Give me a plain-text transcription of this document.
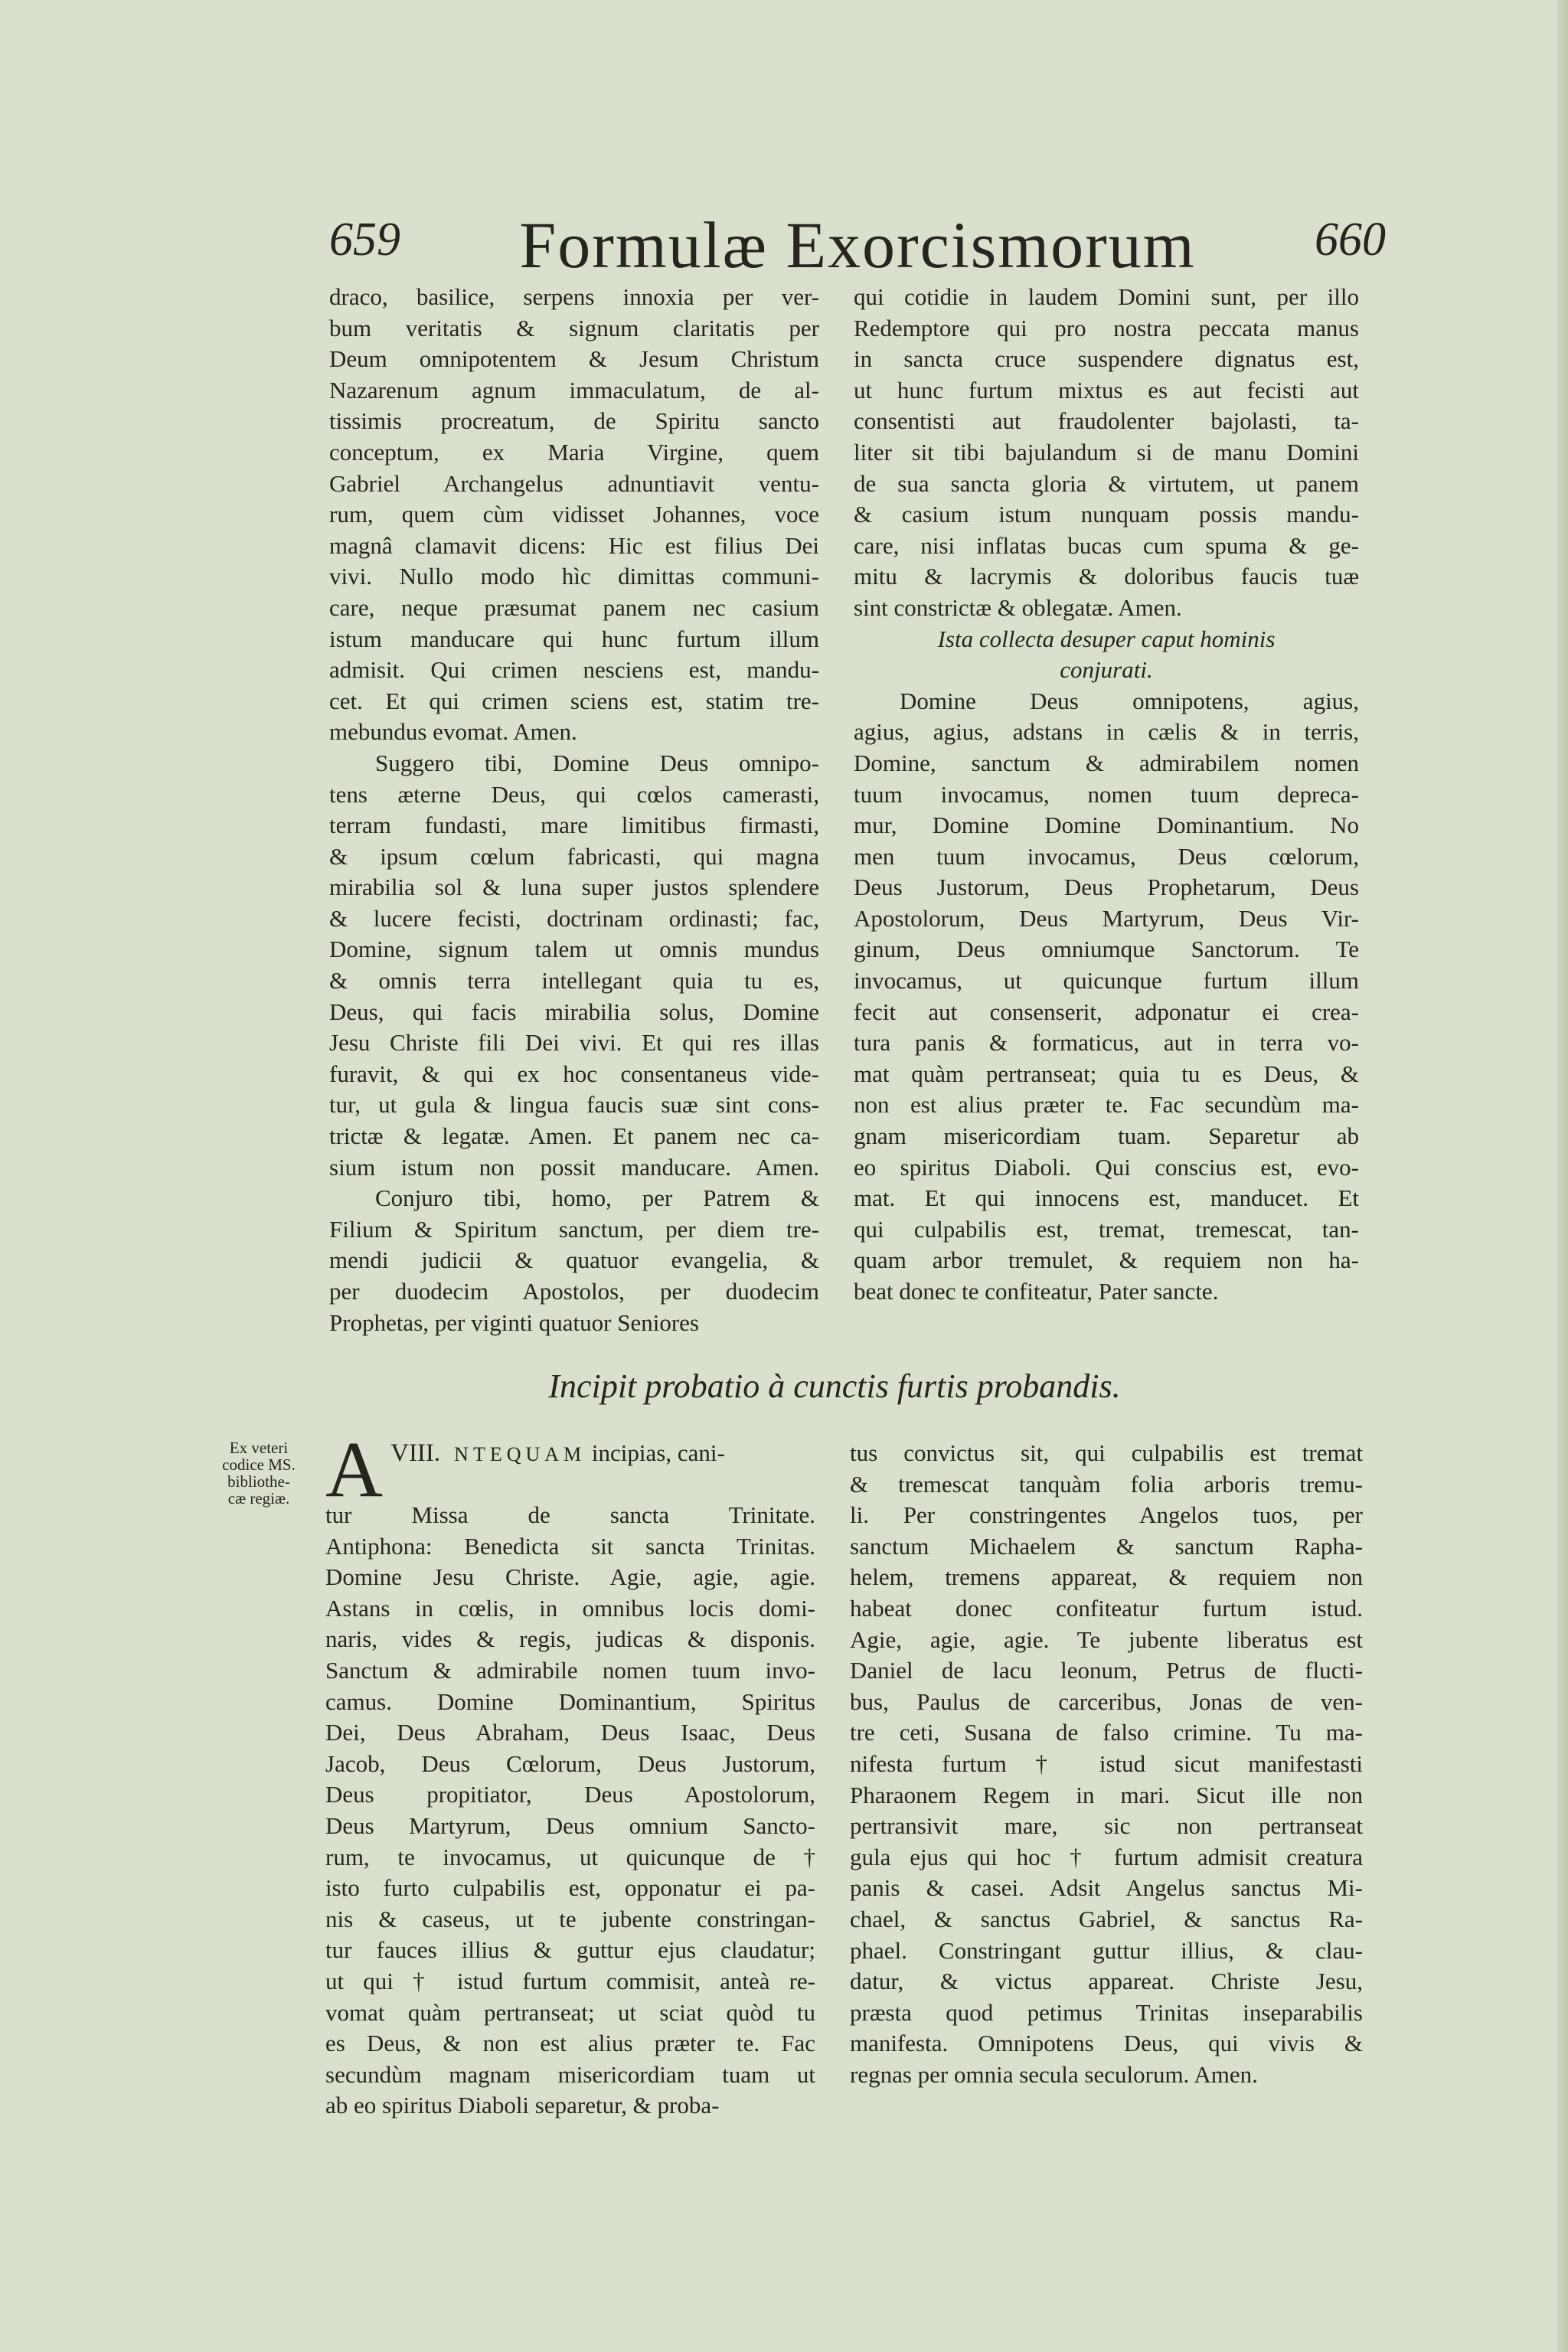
659	Formulæ Exorcismorum	660
draco, basilice, serpens innoxia per ver-
bum veritatis & signum claritatis per
Deum omnipotentem & Jesum Christum
Nazarenum agnum immaculatum, de al-
tissimis procreatum, de Spiritu sancto
conceptum, ex Maria Virgine, quem
Gabriel Archangelus adnuntiavit ventu-
rum, quem cùm vidisset Johannes, voce
magnâ clamavit dicens: Hic est filius Dei
vivi. Nullo modo hìc dimittas communi-
care, neque præsumat panem nec casium
istum manducare qui hunc furtum illum
admisit. Qui crimen nesciens est, mandu-
cet. Et qui crimen sciens est, statim tre-
mebundus evomat. Amen.
Suggero tibi, Domine Deus omnipo-
tens æterne Deus, qui cœlos camerasti,
terram fundasti, mare limitibus firmasti,
& ipsum cœlum fabricasti, qui magna
mirabilia sol & luna super justos splendere
& lucere fecisti, doctrinam ordinasti; fac,
Domine, signum talem ut omnis mundus
& omnis terra intellegant quia tu es,
Deus, qui facis mirabilia solus, Domine
Jesu Christe fili Dei vivi. Et qui res illas
furavit, & qui ex hoc consentaneus vide-
tur, ut gula & lingua faucis suæ sint cons-
trictæ & legatæ. Amen. Et panem nec ca-
sium istum non possit manducare. Amen.
Conjuro tibi, homo, per Patrem &
Filium & Spiritum sanctum, per diem tre-
mendi judicii & quatuor evangelia, &
per duodecim Apostolos, per duodecim
Prophetas, per viginti quatuor Seniores
qui cotidie in laudem Domini sunt, per illo
Redemptore qui pro nostra peccata manus
in sancta cruce suspendere dignatus est,
ut hunc furtum mixtus es aut fecisti aut
consentisti aut fraudolenter bajolasti, ta-
liter sit tibi bajulandum si de manu Domini
de sua sancta gloria & virtutem, ut panem
& casium istum nunquam possis mandu-
care, nisi inflatas bucas cum spuma & ge-
mitu & lacrymis & doloribus faucis tuæ
sint constrictæ & oblegatæ. Amen.
Ista collecta desuper caput hominis
conjurati.
Domine Deus omnipotens, agius,
agius, agius, adstans in cælis & in terris,
Domine, sanctum & admirabilem nomen
tuum invocamus, nomen tuum depreca-
mur, Domine Domine Dominantium. No
men tuum invocamus, Deus cœlorum,
Deus Justorum, Deus Prophetarum, Deus
Apostolorum, Deus Martyrum, Deus Vir-
ginum, Deus omniumque Sanctorum. Te
invocamus, ut quicunque furtum illum
fecit aut consenserit, adponatur ei crea-
tura panis & formaticus, aut in terra vo-
mat quàm pertranseat; quia tu es Deus, &
non est alius præter te. Fac secundùm ma-
gnam misericordiam tuam. Separetur ab
eo spiritus Diaboli. Qui conscius est, evo-
mat. Et qui innocens est, manducet. Et
qui culpabilis est, tremat, tremescat, tan-
quam arbor tremulet, & requiem non ha-
beat donec te confiteatur, Pater sancte.
Incipit probatio à cunctis furtis probandis.
Ex veteri
codice MS.
bibliothe-
cæ regiæ.
VIII.
A	NTEQUAM incipias, cani-
tur Missa de sancta Trinitate.
Antiphona: Benedicta sit sancta Trinitas.
Domine Jesu Christe. Agie, agie, agie.
Astans in cœlis, in omnibus locis domi-
naris, vides & regis, judicas & disponis.
Sanctum & admirabile nomen tuum invo-
camus. Domine Dominantium, Spiritus
Dei, Deus Abraham, Deus Isaac, Deus
Jacob, Deus Cœlorum, Deus Justorum,
Deus propitiator, Deus Apostolorum,
Deus Martyrum, Deus omnium Sancto-
rum, te invocamus, ut quicunque de †
isto furto culpabilis est, opponatur ei pa-
nis & caseus, ut te jubente constringan-
tur fauces illius & guttur ejus claudatur;
ut qui † istud furtum commisit, anteà re-
vomat quàm pertranseat; ut sciat quòd tu
es Deus, & non est alius præter te. Fac
secundùm magnam misericordiam tuam ut
ab eo spiritus Diaboli separetur, & proba-
tus convictus sit, qui culpabilis est tremat
& tremescat tanquàm folia arboris tremu-
li. Per constringentes Angelos tuos, per
sanctum Michaelem & sanctum Rapha-
helem, tremens appareat, & requiem non
habeat donec confiteatur furtum istud.
Agie, agie, agie. Te jubente liberatus est
Daniel de lacu leonum, Petrus de flucti-
bus, Paulus de carceribus, Jonas de ven-
tre ceti, Susana de falso crimine. Tu ma-
nifesta furtum † istud sicut manifestasti
Pharaonem Regem in mari. Sicut ille non
pertransivit mare, sic non pertranseat
gula ejus qui hoc † furtum admisit creatura
panis & casei. Adsit Angelus sanctus Mi-
chael, & sanctus Gabriel, & sanctus Ra-
phael. Constringant guttur illius, & clau-
datur, & victus appareat. Christe Jesu,
præsta quod petimus Trinitas inseparabilis
manifesta. Omnipotens Deus, qui vivis &
regnas per omnia secula seculorum. Amen.
